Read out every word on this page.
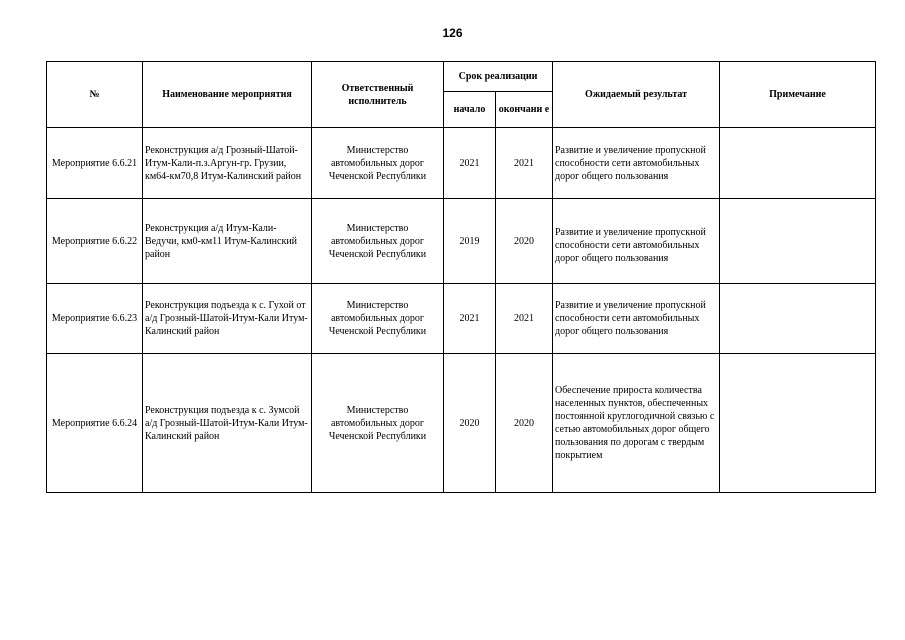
126
№	Наименование мероприятия	Ответственный исполнитель	Срок реализации		Ожидаемый результат	Примечание
			начало	окончани е		
Мероприятие 6.6.21	Реконструкция а/д Грозный-Шатой-Итум-Кали-п.з.Аргун-гр. Грузии, км64-км70,8 Итум-Калинский район	Министерство автомобильных дорог Чеченской Республики	2021	2021	Развитие и увеличение пропускной способности сети автомобильных дорог общего пользования	
Мероприятие 6.6.22	Реконструкция а/д Итум-Кали-Ведучи, км0-км11 Итум-Калинский район	Министерство автомобильных дорог Чеченской Республики	2019	2020	Развитие и увеличение пропускной способности сети автомобильных дорог общего пользования	
Мероприятие 6.6.23	Реконструкция подъезда к с. Гухой от а/д Грозный-Шатой-Итум-Кали Итум-Калинский район	Министерство автомобильных дорог Чеченской Республики	2021	2021	Развитие и увеличение пропускной способности сети автомобильных дорог общего пользования	
Мероприятие 6.6.24	Реконструкция подъезда к с. Зумсой а/д Грозный-Шатой-Итум-Кали Итум-Калинский район	Министерство автомобильных дорог Чеченской Республики	2020	2020	Обеспечение прироста количества населенных пунктов, обеспеченных постоянной круглогодичной связью с сетью автомобильных дорог общего пользования по дорогам с твердым покрытием	
